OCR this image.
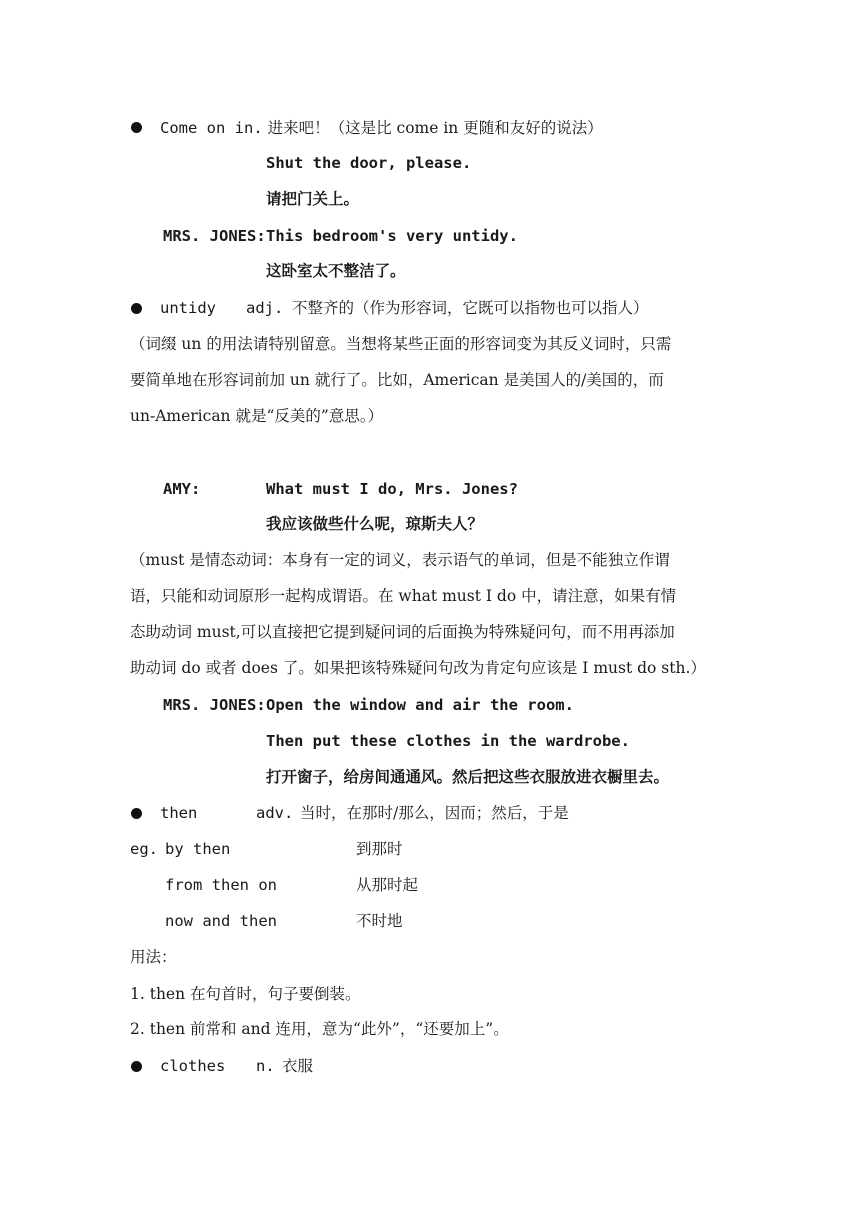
Come on in. 进来吧！（这是比 come in 更随和友好的说法）
Shut the door, please.
请把门关上。
MRS. JONES: This bedroom's very untidy.
这卧室太不整洁了。
untidy adj. 不整齐的（作为形容词，它既可以指物也可以指人）
（词缀 un 的用法请特别留意。当想将某些正面的形容词变为其反义词时，只需
要简单地在形容词前加 un 就行了。比如，American 是美国人的/美国的，而
un-American 就是“反美的”意思。）
AMY:	What must I do, Mrs. Jones?
我应该做些什么呢，琼斯夫人？
（must 是情态动词：本身有一定的词义，表示语气的单词，但是不能独立作谓
语，只能和动词原形一起构成谓语。在 what must I do 中，请注意，如果有情
态助动词 must,可以直接把它提到疑问词的后面换为特殊疑问句，而不用再添加
助动词 do 或者 does 了。如果把该特殊疑问句改为肯定句应该是 I must do sth.）
MRS. JONES: Open the window and air the room.
Then put these clothes in the wardrobe.
打开窗子，给房间通通风。然后把这些衣服放进衣橱里去。
then	adv. 当时，在那时/那么，因而；然后，于是
eg. by then	到那时
from then on	从那时起
now and then	不时地
用法：
1. then 在句首时，句子要倒装。
2. then 前常和 and 连用，意为“此外”，“还要加上”。
clothes n. 衣服
